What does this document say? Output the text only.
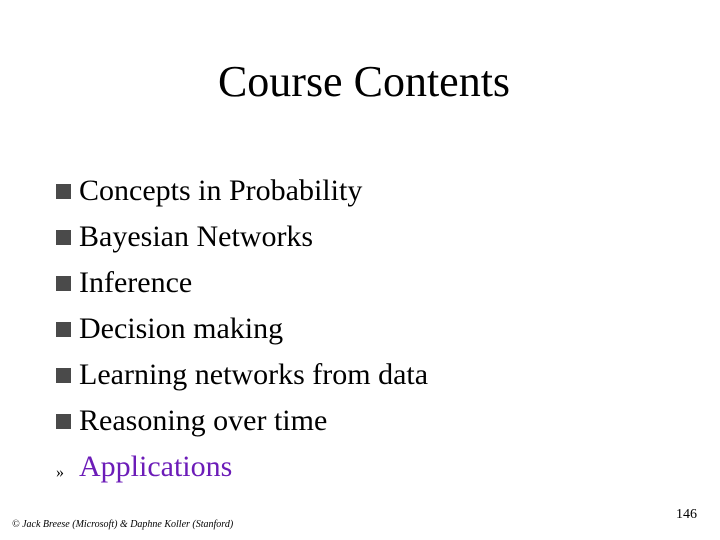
Course Contents
Concepts in Probability
Bayesian Networks
Inference
Decision making
Learning networks from data
Reasoning over time
» Applications
© Jack Breese (Microsoft) & Daphne Koller (Stanford)
146
